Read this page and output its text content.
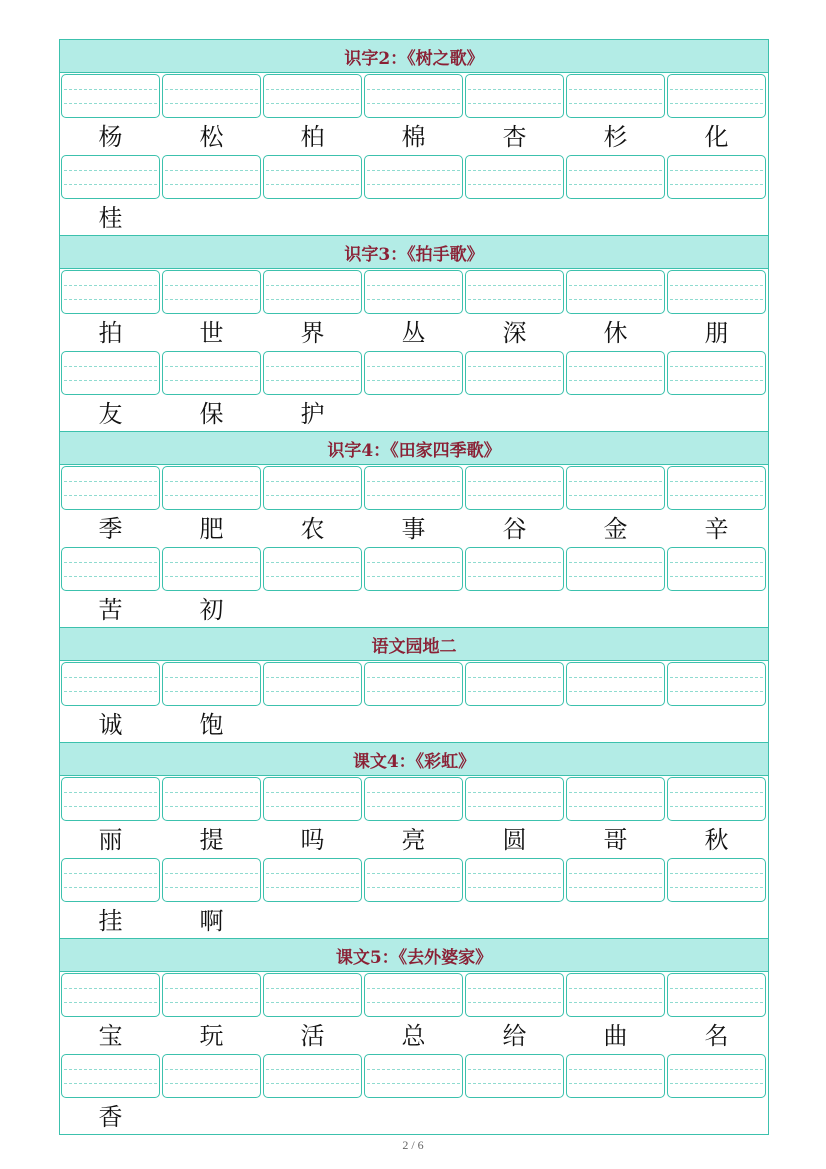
识字2：《树之歌》
杨	松	柏	棉	杏	杉	化
桂
识字3：《拍手歌》
拍	世	界	丛	深	休	朋
友	保	护
识字4：《田家四季歌》
季	肥	农	事	谷	金	辛
苦	初
语文园地二
诚	饱
课文4：《彩虹》
丽	提	吗	亮	圆	哥	秋
挂	啊
课文5：《去外婆家》
宝	玩	活	总	给	曲	名
香
2 / 6
